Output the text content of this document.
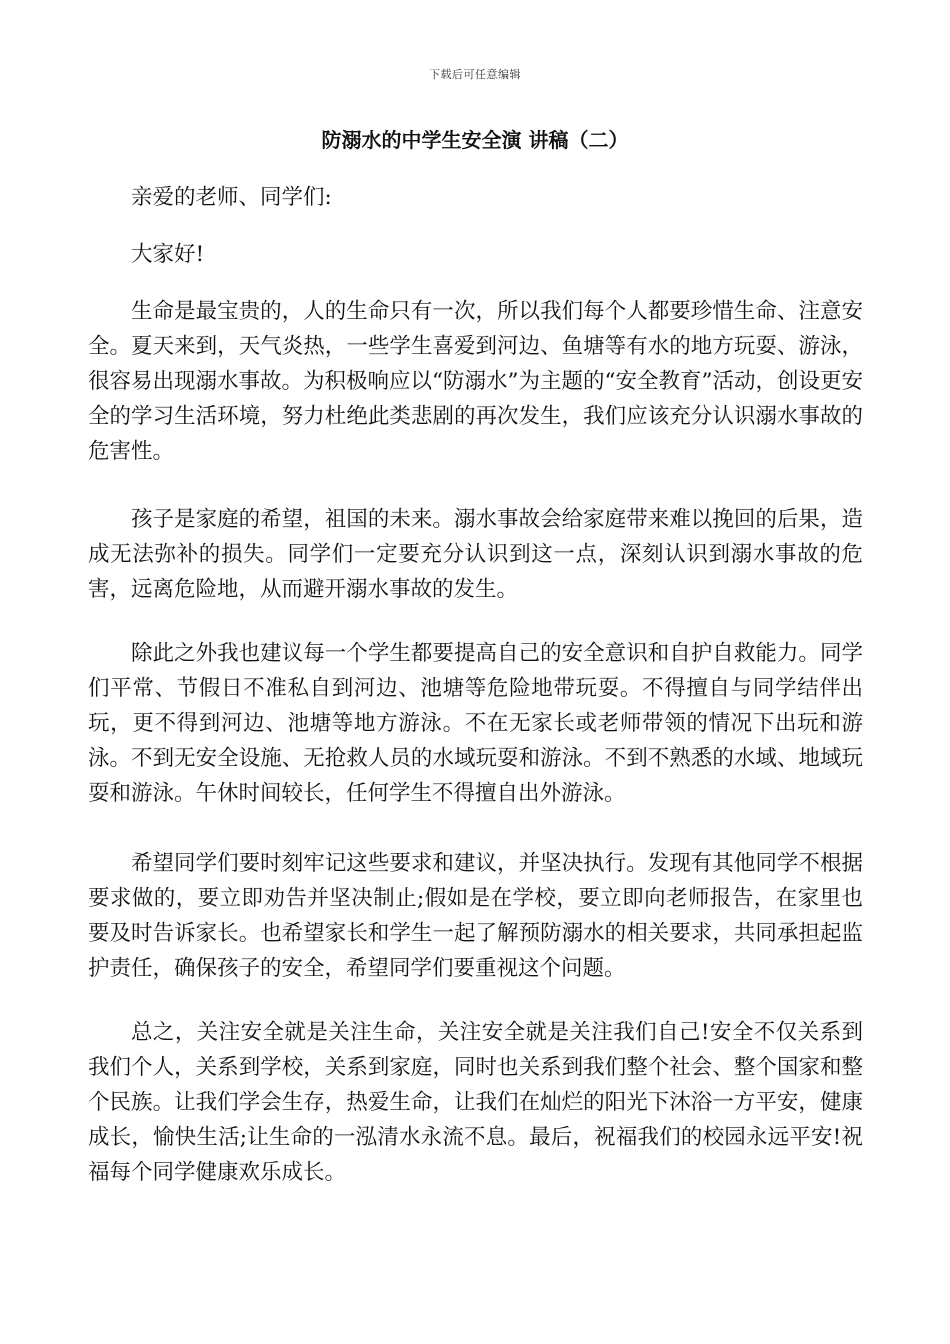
下载后可任意编辑
防溺水的中学生安全演 讲稿（二）

亲爱的老师、同学们:

大家好!

生命是最宝贵的，人的生命只有一次，所以我们每个人都要珍惜生命、注意安全。夏天来到，天气炎热，一些学生喜爱到河边、鱼塘等有水的地方玩耍、游泳，很容易出现溺水事故。为积极响应以“防溺水”为主题的“安全教育”活动，创设更安全的学习生活环境，努力杜绝此类悲剧的再次发生，我们应该充分认识溺水事故的危害性。

孩子是家庭的希望，祖国的未来。溺水事故会给家庭带来难以挽回的后果，造成无法弥补的损失。同学们一定要充分认识到这一点，深刻认识到溺水事故的危害，远离危险地，从而避开溺水事故的发生。

除此之外我也建议每一个学生都要提高自己的安全意识和自护自救能力。同学们平常、节假日不准私自到河边、池塘等危险地带玩耍。不得擅自与同学结伴出玩，更不得到河边、池塘等地方游泳。不在无家长或老师带领的情况下出玩和游泳。不到无安全设施、无抢救人员的水域玩耍和游泳。不到不熟悉的水域、地域玩耍和游泳。午休时间较长，任何学生不得擅自出外游泳。

希望同学们要时刻牢记这些要求和建议，并坚决执行。发现有其他同学不根据要求做的，要立即劝告并坚决制止;假如是在学校，要立即向老师报告，在家里也要及时告诉家长。也希望家长和学生一起了解预防溺水的相关要求，共同承担起监护责任，确保孩子的安全，希望同学们要重视这个问题。

总之，关注安全就是关注生命，关注安全就是关注我们自己!安全不仅关系到我们个人，关系到学校，关系到家庭，同时也关系到我们整个社会、整个国家和整个民族。让我们学会生存，热爱生命，让我们在灿烂的阳光下沐浴一方平安，健康成长，愉快生活;让生命的一泓清水永流不息。最后，祝福我们的校园永远平安!祝福每个同学健康欢乐成长。
